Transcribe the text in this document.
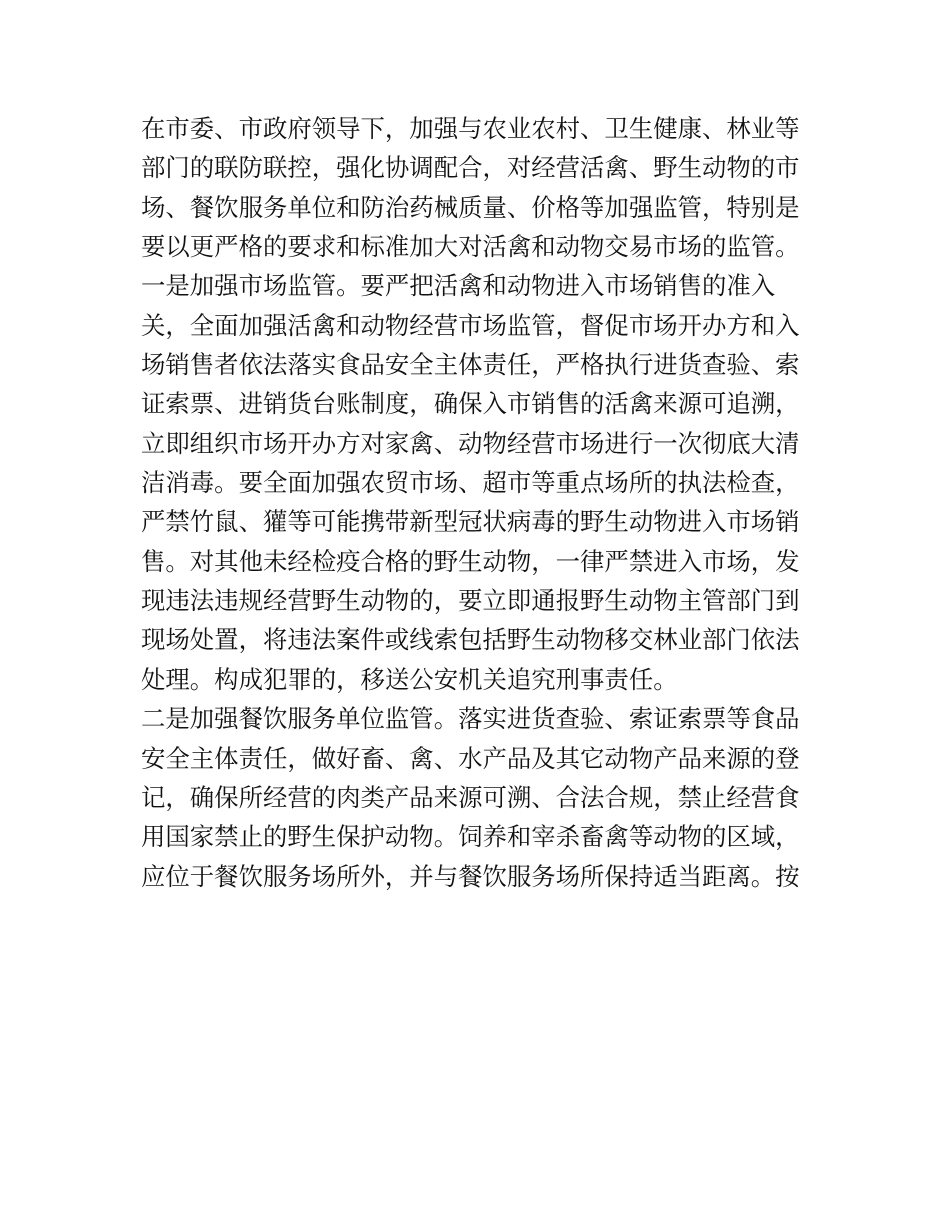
在市委、市政府领导下，加强与农业农村、卫生健康、林业等
部门的联防联控，强化协调配合，对经营活禽、野生动物的市
场、餐饮服务单位和防治药械质量、价格等加强监管，特别是
要以更严格的要求和标准加大对活禽和动物交易市场的监管。
一是加强市场监管。要严把活禽和动物进入市场销售的准入
关，全面加强活禽和动物经营市场监管，督促市场开办方和入
场销售者依法落实食品安全主体责任，严格执行进货查验、索
证索票、进销货台账制度，确保入市销售的活禽来源可追溯，
立即组织市场开办方对家禽、动物经营市场进行一次彻底大清
洁消毒。要全面加强农贸市场、超市等重点场所的执法检查，
严禁竹鼠、獾等可能携带新型冠状病毒的野生动物进入市场销
售。对其他未经检疫合格的野生动物，一律严禁进入市场，发
现违法违规经营野生动物的，要立即通报野生动物主管部门到
现场处置，将违法案件或线索包括野生动物移交林业部门依法
处理。构成犯罪的，移送公安机关追究刑事责任。
二是加强餐饮服务单位监管。落实进货查验、索证索票等食品
安全主体责任，做好畜、禽、水产品及其它动物产品来源的登
记，确保所经营的肉类产品来源可溯、合法合规，禁止经营食
用国家禁止的野生保护动物。饲养和宰杀畜禽等动物的区域，
应位于餐饮服务场所外，并与餐饮服务场所保持适当距离。按
